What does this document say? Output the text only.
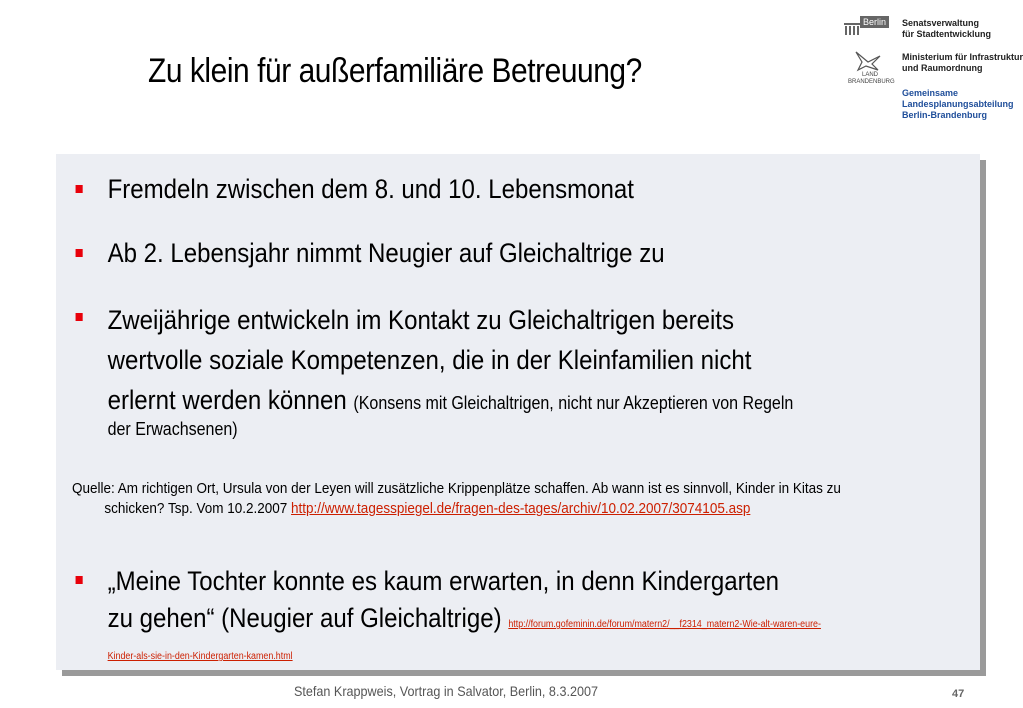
Zu klein für außerfamiliäre Betreuung?
Berlin	Senatsverwaltung
für Stadtentwicklung
LAND
BRANDENBURG
Ministerium für Infrastruktur
und Raumordnung
Gemeinsame
Landesplanungsabteilung
Berlin-Brandenburg
Fremdeln zwischen dem 8. und 10. Lebensmonat
Ab 2. Lebensjahr nimmt Neugier auf Gleichaltrige zu
Zweijährige entwickeln im Kontakt zu Gleichaltrigen bereits
wertvolle soziale Kompetenzen, die in der Kleinfamilien nicht
erlernt werden können (Konsens mit Gleichaltrigen, nicht nur Akzeptieren von Regeln
der Erwachsenen)
Quelle: Am richtigen Ort, Ursula von der Leyen will zusätzliche Krippenplätze schaffen. Ab wann ist es sinnvoll, Kinder in Kitas zu
schicken? Tsp. Vom 10.2.2007 http://www.tagesspiegel.de/fragen-des-tages/archiv/10.02.2007/3074105.asp
„Meine Tochter konnte es kaum erwarten, in denn Kindergarten
zu gehen“ (Neugier auf Gleichaltrige) http://forum.gofeminin.de/forum/matern2/__f2314_matern2-Wie-alt-waren-eure-
Kinder-als-sie-in-den-Kindergarten-kamen.html
Stefan Krappweis, Vortrag in Salvator, Berlin, 8.3.2007	47
